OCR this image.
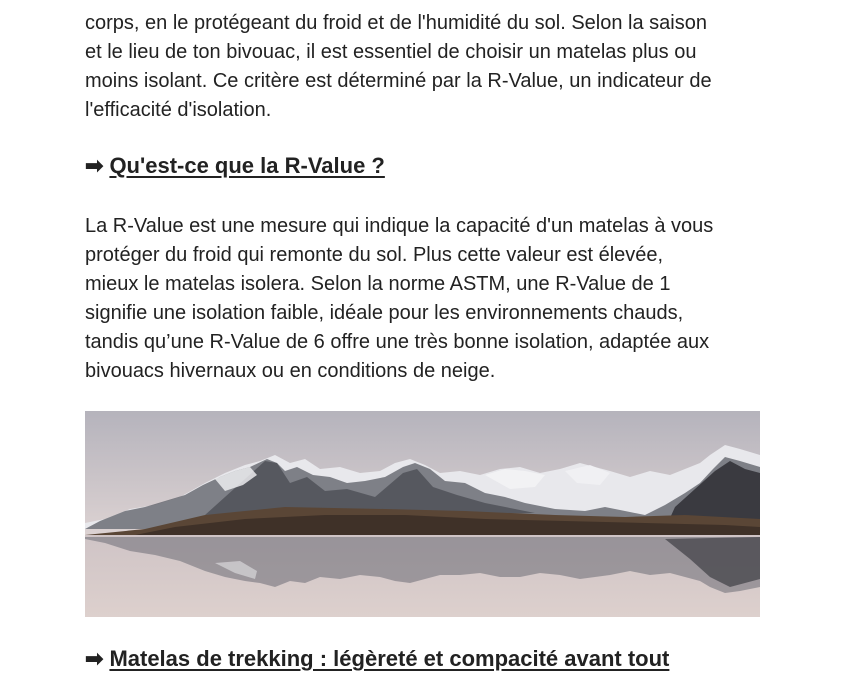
corps, en le protégeant du froid et de l'humidité du sol. Selon la saison
et le lieu de ton bivouac, il est essentiel de choisir un matelas plus ou
moins isolant. Ce critère est déterminé par la R-Value, un indicateur de
l'efficacité d'isolation.

➡ Qu'est-ce que la R-Value ?

La R-Value est une mesure qui indique la capacité d'un matelas à vous
protéger du froid qui remonte du sol. Plus cette valeur est élevée,
mieux le matelas isolera. Selon la norme ASTM, une R-Value de 1
signifie une isolation faible, idéale pour les environnements chauds,
tandis qu’une R-Value de 6 offre une très bonne isolation, adaptée aux
bivouacs hivernaux ou en conditions de neige.

➡ Matelas de trekking : légèreté et compacité avant tout
